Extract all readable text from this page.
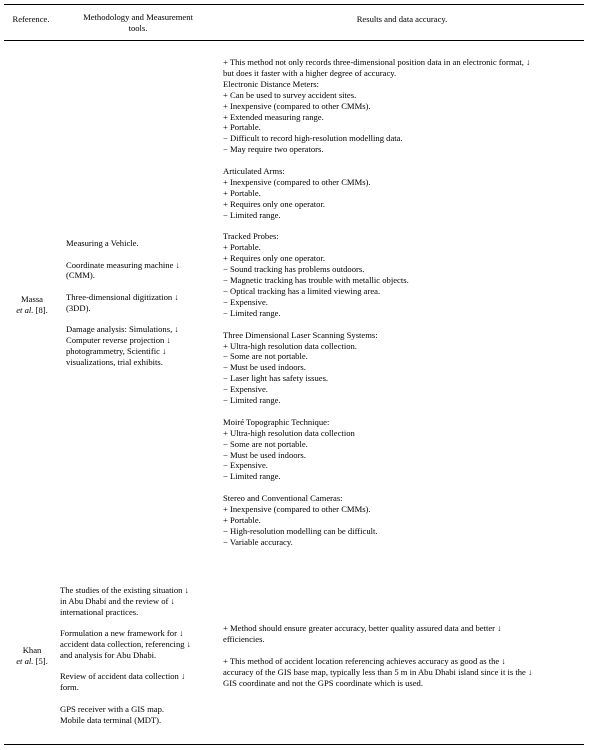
Reference.	Methodology and Measurement
tools.
Results and data accuracy.
Massa
et al. [8].
Measuring a Vehicle.
Coordinate measuring machine ↓
(CMM).
Three-dimensional digitization ↓
(3DD).
Damage analysis: Simulations, ↓
Computer reverse projection ↓
photogrammetry, Scientific ↓
visualizations, trial exhibits.
+ This method not only records three-dimensional position data in an electronic format, ↓
but does it faster with a higher degree of accuracy.
Electronic Distance Meters:
+ Can be used to survey accident sites.
+ Inexpensive (compared to other CMMs).
+ Extended measuring range.
+ Portable.
− Difficult to record high-resolution modelling data.
− May require two operators.
Articulated Arms:
+ Inexpensive (compared to other CMMs).
+ Portable.
+ Requires only one operator.
− Limited range.
Tracked Probes:
+ Portable.
+ Requires only one operator.
− Sound tracking has problems outdoors.
− Magnetic tracking has trouble with metallic objects.
− Optical tracking has a limited viewing area.
− Expensive.
− Limited range.
Three Dimensional Laser Scanning Systems:
+ Ultra-high resolution data collection.
− Some are not portable.
− Must be used indoors.
− Laser light has safety issues.
− Expensive.
− Limited range.
Moiré Topographic Technique:
+ Ultra-high resolution data collection
− Some are not portable.
− Must be used indoors.
− Expensive.
− Limited range.
Stereo and Conventional Cameras:
+ Inexpensive (compared to other CMMs).
+ Portable.
− High-resolution modelling can be difficult.
− Variable accuracy.
Khan
et al. [5].
The studies of the existing situation ↓
in Abu Dhabi and the review of ↓
international practices.
Formulation a new framework for ↓
accident data collection, referencing ↓
and analysis for Abu Dhabi.
Review of accident data collection ↓
form.
GPS receiver with a GIS map.
Mobile data terminal (MDT).
+ Method should ensure greater accuracy, better quality assured data and better ↓
efficiencies.
+ This method of accident location referencing achieves accuracy as good as the ↓
accuracy of the GIS base map, typically less than 5 m in Abu Dhabi island since it is the ↓
GIS coordinate and not the GPS coordinate which is used.
